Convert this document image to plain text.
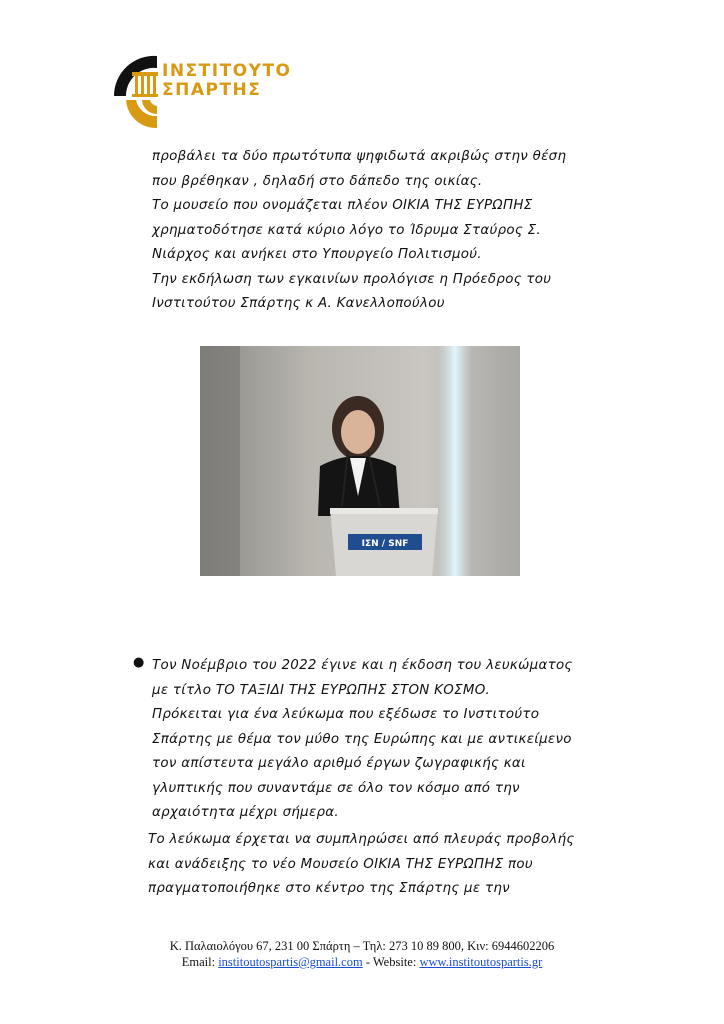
ΙΝΣΤΙΤΟΥΤΟ
ΣΠΑΡΤΗΣ

προβάλει τα δύο πρωτότυπα ψηφιδωτά ακριβώς στην θέση

που βρέθηκαν , δηλαδή στο δάπεδο της οικίας.

Το μουσείο που ονομάζεται πλέον ΟΙΚΙΑ ΤΗΣ ΕΥΡΩΠΗΣ

χρηματοδότησε κατά κύριο λόγο το Ίδρυμα Σταύρος Σ.

Νιάρχος και ανήκει στο Υπουργείο Πολιτισμού.

Την εκδήλωση των εγκαινίων προλόγισε η Πρόεδρος του

Ινστιτούτου Σπάρτης κ Α. Κανελλοπούλου

ΙΣΝ / SNF
● Τον Νοέμβριο του 2022 έγινε και η έκδοση του λευκώματος

με τίτλο ΤΟ ΤΑΞΙΔΙ ΤΗΣ ΕΥΡΩΠΗΣ ΣΤΟΝ ΚΟΣΜΟ.

Πρόκειται για ένα λεύκωμα που εξέδωσε το Ινστιτούτο

Σπάρτης με θέμα τον μύθο της Ευρώπης και με αντικείμενο

τον απίστευτα μεγάλο αριθμό έργων ζωγραφικής και

γλυπτικής που συναντάμε σε όλο τον κόσμο από την

αρχαιότητα μέχρι σήμερα.

Το λεύκωμα έρχεται να συμπληρώσει από πλευράς προβολής

και ανάδειξης το νέο Μουσείο ΟΙΚΙΑ ΤΗΣ ΕΥΡΩΠΗΣ που

πραγματοποιήθηκε στο κέντρο της Σπάρτης με την

Κ. Παλαιολόγου 67, 231 00 Σπάρτη – Τηλ: 273 10 89 800, Κιν: 6944602206
Email: institoutospartis@gmail.com - Website: www.institoutospartis.gr
